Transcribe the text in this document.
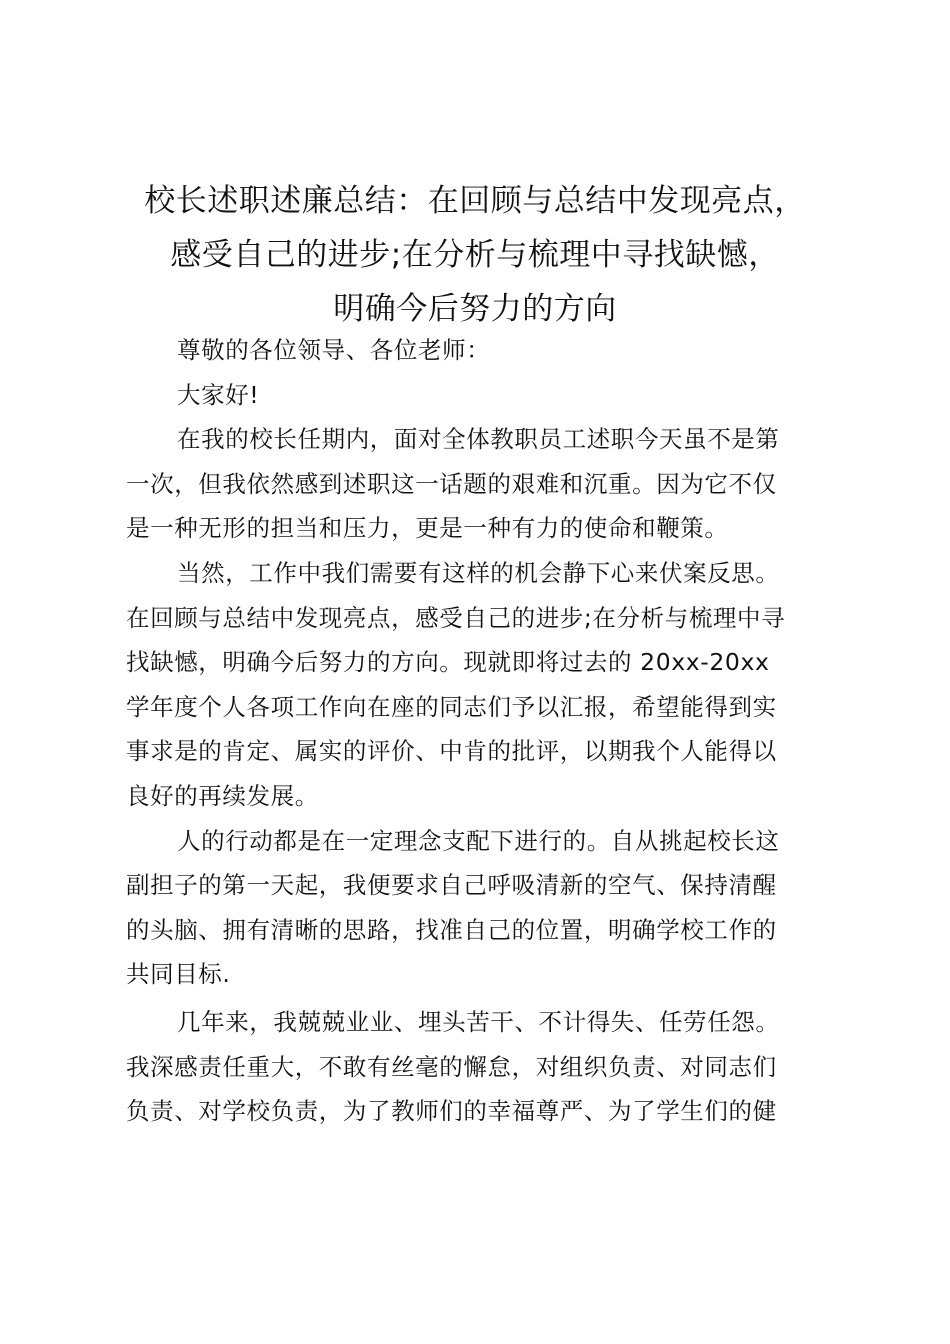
校长述职述廉总结：在回顾与总结中发现亮点，
感受自己的进步;在分析与梳理中寻找缺憾，
明确今后努力的方向
尊敬的各位领导、各位老师：
大家好!
在我的校长任期内，面对全体教职员工述职今天虽不是第
一次，但我依然感到述职这一话题的艰难和沉重。因为它不仅
是一种无形的担当和压力，更是一种有力的使命和鞭策。
当然，工作中我们需要有这样的机会静下心来伏案反思。
在回顾与总结中发现亮点，感受自己的进步;在分析与梳理中寻
找缺憾，明确今后努力的方向。现就即将过去的 20xx-20xx
学年度个人各项工作向在座的同志们予以汇报，希望能得到实
事求是的肯定、属实的评价、中肯的批评，以期我个人能得以
良好的再续发展。
人的行动都是在一定理念支配下进行的。自从挑起校长这
副担子的第一天起，我便要求自己呼吸清新的空气、保持清醒
的头脑、拥有清晰的思路，找准自己的位置，明确学校工作的
共同目标.
几年来，我兢兢业业、埋头苦干、不计得失、任劳任怨。
我深感责任重大，不敢有丝毫的懈怠，对组织负责、对同志们
负责、对学校负责，为了教师们的幸福尊严、为了学生们的健
